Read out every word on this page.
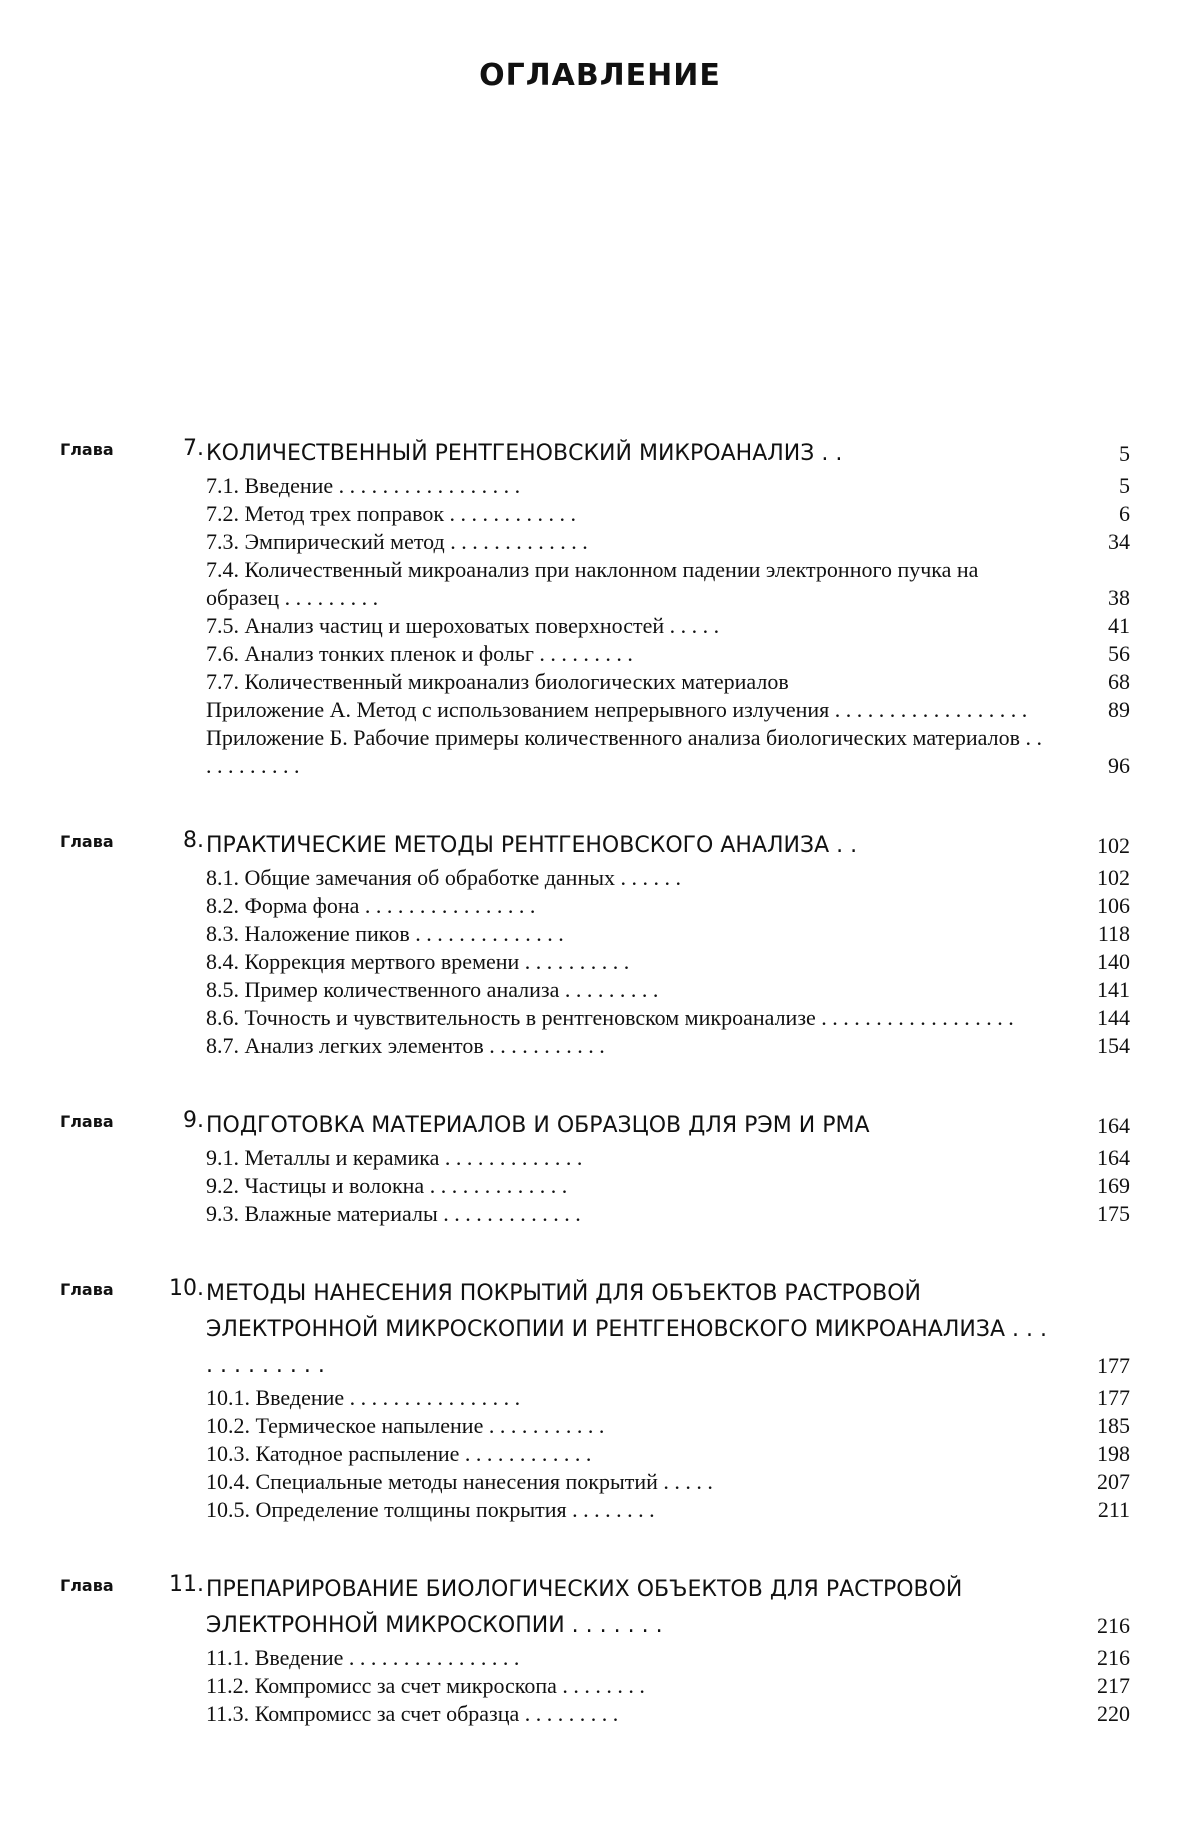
ОГЛАВЛЕНИЕ
Глава	7. КОЛИЧЕСТВЕННЫЙ РЕНТГЕНОВСКИЙ МИКРОАНАЛИЗ . .	5
7.1. Введение . . . . . . . . . . . . . . . . .	5
7.2. Метод трех поправок . . . . . . . . . . . .	6
7.3. Эмпирический метод . . . . . . . . . . . . .	34
7.4. Количественный микроанализ при наклонном падении электронного пучка на образец . . . . . . . . .	38
7.5. Анализ частиц и шероховатых поверхностей . . . . .	41
7.6. Анализ тонких пленок и фольг . . . . . . . . .	56
7.7. Количественный микроанализ биологических материалов	68
Приложение А. Метод с использованием непрерывного излучения . . . . . . . . . . . . . . . . . .	89
Приложение Б. Рабочие примеры количественного анализа биологических материалов . . . . . . . . . . .	96
Глава	8. ПРАКТИЧЕСКИЕ МЕТОДЫ РЕНТГЕНОВСКОГО АНАЛИЗА . .	102
8.1. Общие замечания об обработке данных . . . . . .	102
8.2. Форма фона . . . . . . . . . . . . . . . .	106
8.3. Наложение пиков . . . . . . . . . . . . . .	118
8.4. Коррекция мертвого времени . . . . . . . . . .	140
8.5. Пример количественного анализа . . . . . . . . .	141
8.6. Точность и чувствительность в рентгеновском микроанализе . . . . . . . . . . . . . . . . . .	144
8.7. Анализ легких элементов . . . . . . . . . . .	154
Глава	9. ПОДГОТОВКА МАТЕРИАЛОВ И ОБРАЗЦОВ ДЛЯ РЭМ И РМА	164
9.1. Металлы и керамика . . . . . . . . . . . . .	164
9.2. Частицы и волокна . . . . . . . . . . . . .	169
9.3. Влажные материалы . . . . . . . . . . . . .	175
Глава	10. МЕТОДЫ НАНЕСЕНИЯ ПОКРЫТИЙ ДЛЯ ОБЪЕКТОВ РАСТРОВОЙ ЭЛЕКТРОННОЙ МИКРОСКОПИИ И РЕНТГЕНОВСКОГО МИКРОАНАЛИЗА . . . . . . . . . . . .	177
10.1. Введение . . . . . . . . . . . . . . . .	177
10.2. Термическое напыление . . . . . . . . . . .	185
10.3. Катодное распыление . . . . . . . . . . . .	198
10.4. Специальные методы нанесения покрытий . . . . .	207
10.5. Определение толщины покрытия . . . . . . . .	211
Глава	11. ПРЕПАРИРОВАНИЕ БИОЛОГИЧЕСКИХ ОБЪЕКТОВ ДЛЯ РАСТРОВОЙ ЭЛЕКТРОННОЙ МИКРОСКОПИИ . . . . . . .	216
11.1. Введение . . . . . . . . . . . . . . . .	216
11.2. Компромисс за счет микроскопа . . . . . . . .	217
11.3. Компромисс за счет образца . . . . . . . . .	220
